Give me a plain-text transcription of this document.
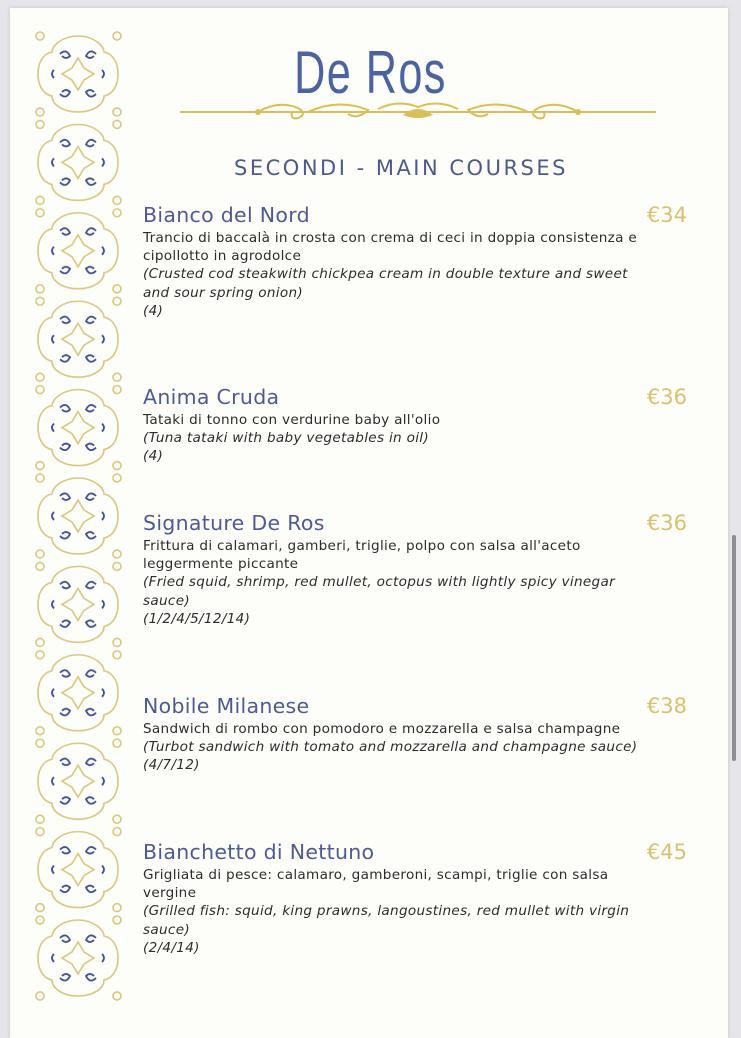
De Ros
SECONDI - MAIN COURSES
Bianco del Nord	€34
Trancio di baccalà in crosta con crema di ceci in doppia consistenza e
cipollotto in agrodolce
(Crusted cod steakwith chickpea cream in double texture and sweet
and sour spring onion)
(4)
Anima Cruda	€36
Tataki di tonno con verdurine baby all'olio
(Tuna tataki with baby vegetables in oil)
(4)
Signature De Ros	€36
Frittura di calamari, gamberi, triglie, polpo con salsa all'aceto
leggermente piccante
(Fried squid, shrimp, red mullet, octopus with lightly spicy vinegar
sauce)
(1/2/4/5/12/14)
Nobile Milanese	€38
Sandwich di rombo con pomodoro e mozzarella e salsa champagne
(Turbot sandwich with tomato and mozzarella and champagne sauce)
(4/7/12)
Bianchetto di Nettuno	€45
Grigliata di pesce: calamaro, gamberoni, scampi, triglie con salsa
vergine
(Grilled fish: squid, king prawns, langoustines, red mullet with virgin
sauce)
(2/4/14)
